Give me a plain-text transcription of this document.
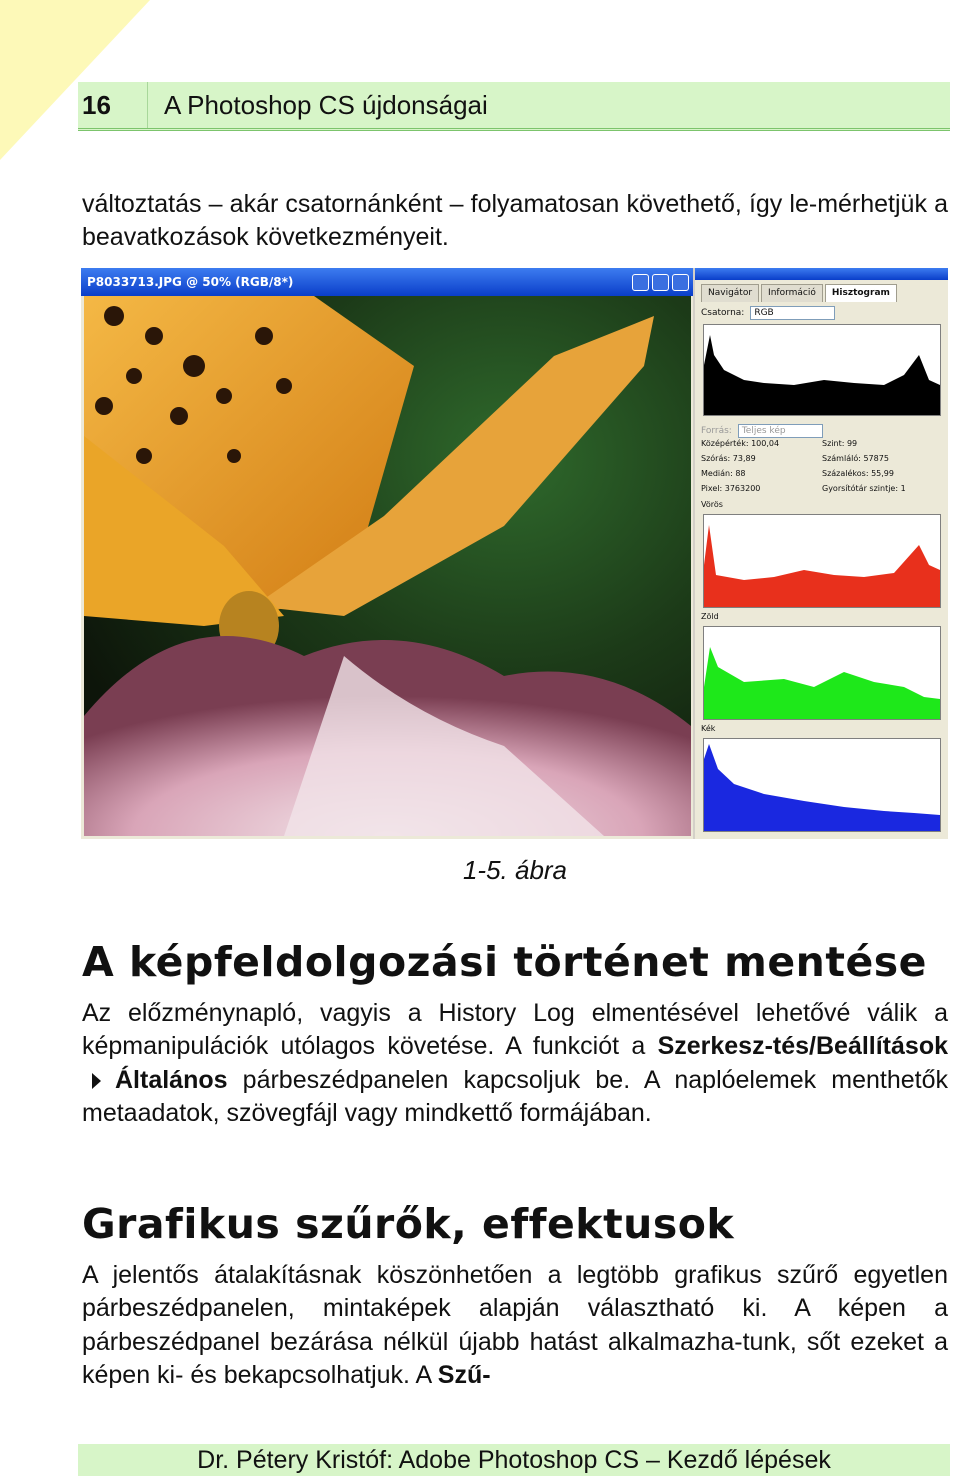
16	A Photoshop CS újdonságai
változtatás – akár csatornánként – folyamatosan követhető, így le-mérhetjük a beavatkozások következményeit.
P8033713.JPG @ 50% (RGB/8*)
Navigátor	Információ	Hisztogram
Csatorna:	RGB
Forrás:	Teljes kép
Középérték: 100,04	Szint: 99
Szórás: 73,89	Számláló: 57875
Medián: 88	Százalékos: 55,99
Pixel: 3763200	Gyorsítótár szintje: 1
Vörös
Zöld
Kék
1-5. ábra
A képfeldolgozási történet mentése
Az előzménynapló, vagyis a History Log elmentésével lehetővé válik a képmanipulációk utólagos követése. A funkciót a Szerkesz-tés/BeállításokÁltalános párbeszédpanelen kapcsoljuk be. A naplóelemek menthetők metaadatok, szövegfájl vagy mindkettő formájában.
Grafikus szűrők, effektusok
A jelentős átalakításnak köszönhetően a legtöbb grafikus szűrő egyetlen párbeszédpanelen, mintaképek alapján választható ki. A képen a párbeszédpanel bezárása nélkül újabb hatást alkalmazha-tunk, sőt ezeket a képen ki- és bekapcsolhatjuk. A Szű-
Dr. Pétery Kristóf: Adobe Photoshop CS – Kezdő lépések
